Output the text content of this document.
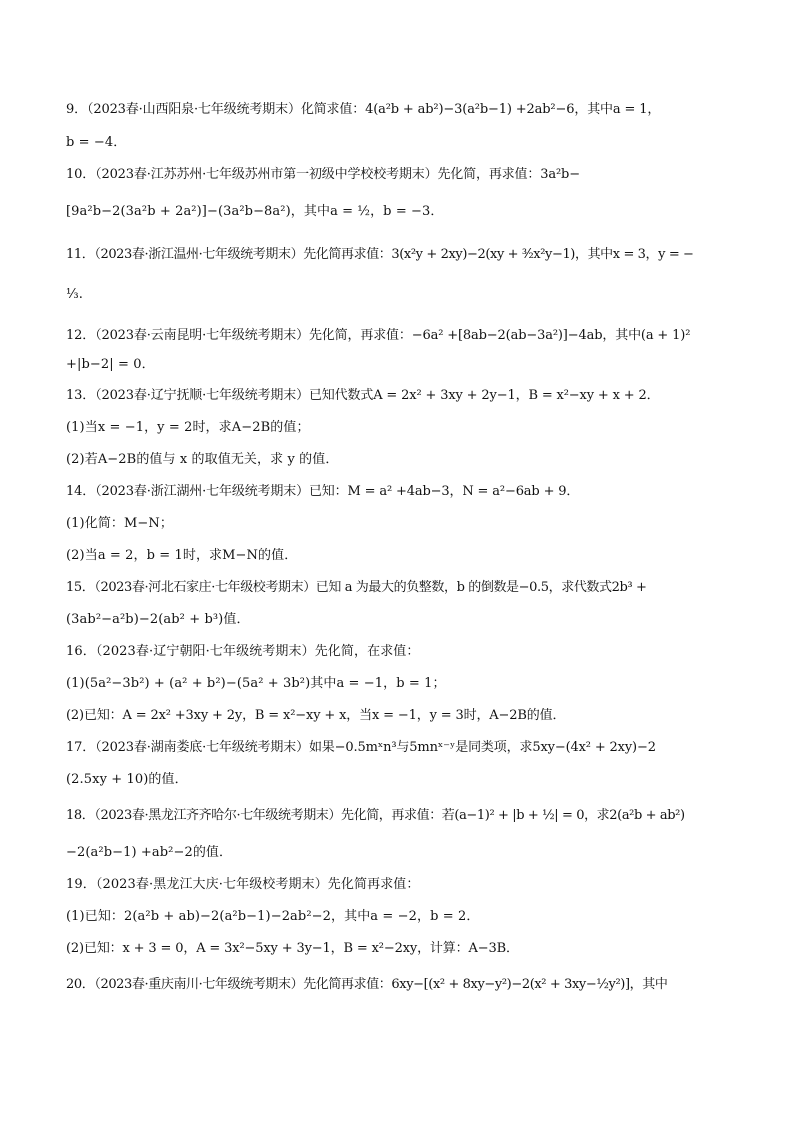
9．（2023春·山西阳泉·七年级统考期末）化简求值：4(a²b + ab²)−3(a²b−1) +2ab²−6，其中a = 1，
b = −4．
10．（2023春·江苏苏州·七年级苏州市第一初级中学校校考期末）先化简，再求值：3a²b−
[9a²b−2(3a²b + 2a²)]−(3a²b−8a²)，其中a = ½，b = −3．
11．（2023春·浙江温州·七年级统考期末）先化简再求值：3(x²y + 2xy)−2(xy + ³⁄₂x²y−1)，其中x = 3，y = −
⅓.
12．（2023春·云南昆明·七年级统考期末）先化简，再求值：−6a² +[8ab−2(ab−3a²)]−4ab，其中(a + 1)²
+|b−2| = 0．
13．（2023春·辽宁抚顺·七年级统考期末）已知代数式A = 2x² + 3xy + 2y−1，B = x²−xy + x + 2．
(1)当x = −1，y = 2时，求A−2B的值；
(2)若A−2B的值与 x 的取值无关，求 y 的值．
14．（2023春·浙江湖州·七年级统考期末）已知：M = a² +4ab−3，N = a²−6ab + 9．
(1)化简：M−N；
(2)当a = 2，b = 1时，求M−N的值．
15．（2023春·河北石家庄·七年级校考期末）已知 a 为最大的负整数，b 的倒数是−0.5，求代数式2b³ +
(3ab²−a²b)−2(ab² + b³)值．
16．（2023春·辽宁朝阳·七年级统考期末）先化简，在求值：
(1)(5a²−3b²) + (a² + b²)−(5a² + 3b²)其中a = −1，b = 1；
(2)已知：A = 2x² +3xy + 2y，B = x²−xy + x，当x = −1，y = 3时，A−2B的值．
17．（2023春·湖南娄底·七年级统考期末）如果−0.5mˣn³与5mnˣ⁻ʸ是同类项，求5xy−(4x² + 2xy)−2
(2.5xy + 10)的值．
18．（2023春·黑龙江齐齐哈尔·七年级统考期末）先化简，再求值：若(a−1)² + |b + ½| = 0，求2(a²b + ab²)
−2(a²b−1) +ab²−2的值．
19．（2023春·黑龙江大庆·七年级校考期末）先化简再求值：
(1)已知：2(a²b + ab)−2(a²b−1)−2ab²−2，其中a = −2，b = 2．
(2)已知：x + 3 = 0，A = 3x²−5xy + 3y−1，B = x²−2xy，计算：A−3B．
20．（2023春·重庆南川·七年级统考期末）先化简再求值：6xy−[(x² + 8xy−y²)−2(x² + 3xy−½y²)]，其中
